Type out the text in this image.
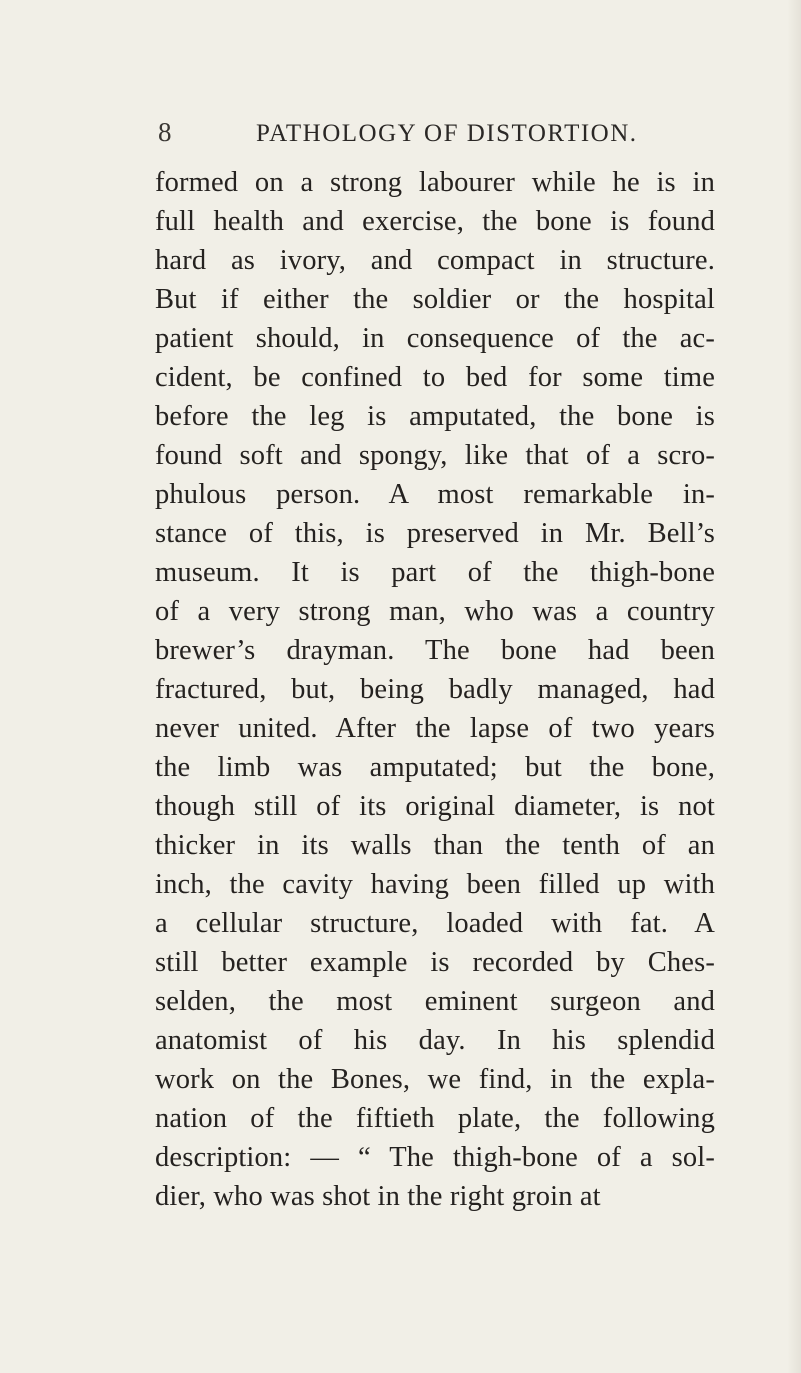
8	PATHOLOGY OF DISTORTION.
formed on a strong labourer while he is in
full health and exercise, the bone is found
hard as ivory, and compact in structure.
But if either the soldier or the hospital
patient should, in consequence of the ac-
cident, be confined to bed for some time
before the leg is amputated, the bone is
found soft and spongy, like that of a scro-
phulous person. A most remarkable in-
stance of this, is preserved in Mr. Bell’s
museum. It is part of the thigh-bone
of a very strong man, who was a country
brewer’s drayman. The bone had been
fractured, but, being badly managed, had
never united. After the lapse of two years
the limb was amputated; but the bone,
though still of its original diameter, is not
thicker in its walls than the tenth of an
inch, the cavity having been filled up with
a cellular structure, loaded with fat. A
still better example is recorded by Ches-
selden, the most eminent surgeon and
anatomist of his day. In his splendid
work on the Bones, we find, in the expla-
nation of the fiftieth plate, the following
description: — “ The thigh-bone of a sol-
dier, who was shot in the right groin at
